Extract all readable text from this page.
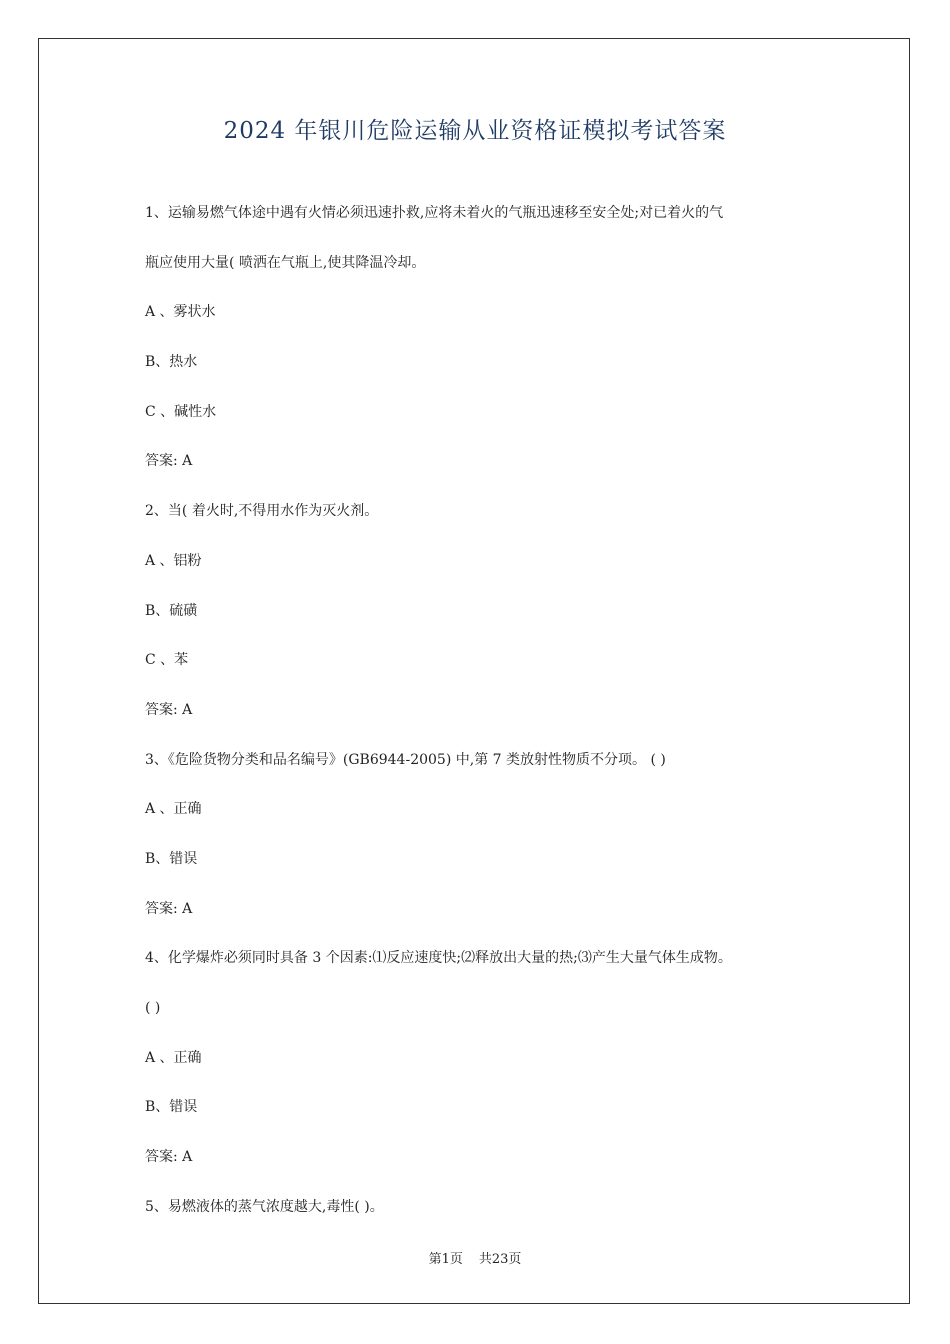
2024 年银川危险运输从业资格证模拟考试答案
1、运输易燃气体途中遇有火情必须迅速扑救,应将未着火的气瓶迅速移至安全处;对已着火的气
瓶应使用大量( 喷洒在气瓶上,使其降温冷却。
A 、雾状水
B、热水
C 、碱性水
答案: A
2、当( 着火时,不得用水作为灭火剂。
A 、铝粉
B、硫磺
C 、苯
答案: A
3、《危险货物分类和品名编号》(GB6944-2005) 中,第 7 类放射性物质不分项。 ( )
A 、正确
B、错误
答案: A
4、化学爆炸必须同时具备 3 个因素:⑴反应速度快;⑵释放出大量的热;⑶产生大量气体生成物。
( )
A 、正确
B、错误
答案: A
5、易燃液体的蒸气浓度越大,毒性( )。
第1页 共23页
